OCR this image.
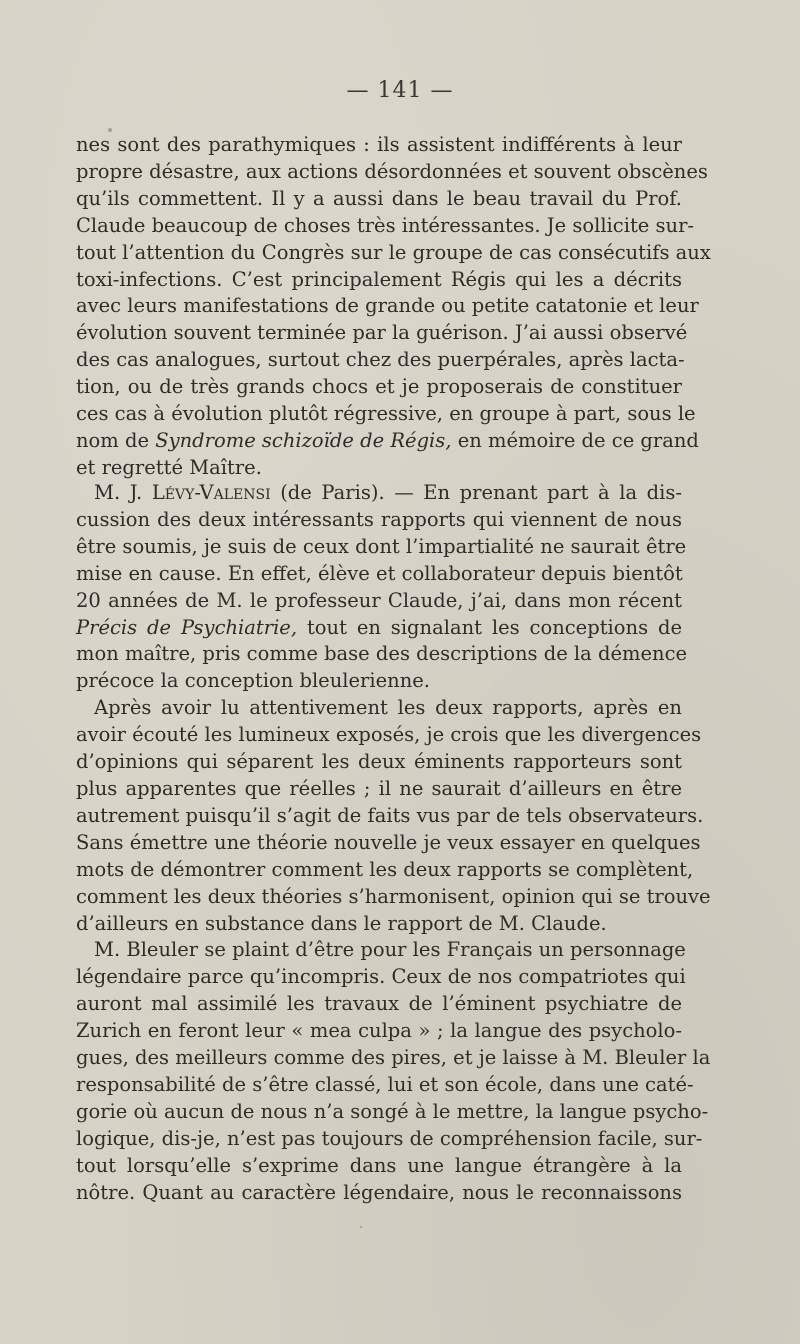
— 141 —
nes sont des parathymiques : ils assistent indifférents à leur
propre désastre, aux actions désordonnées et souvent obscènes
qu’ils commettent. Il y a aussi dans le beau travail du Prof.
Claude beaucoup de choses très intéressantes. Je sollicite sur-
tout l’attention du Congrès sur le groupe de cas consécutifs aux
toxi-infections. C’est principalement Régis qui les a décrits
avec leurs manifestations de grande ou petite catatonie et leur
évolution souvent terminée par la guérison. J’ai aussi observé
des cas analogues, surtout chez des puerpérales, après lacta-
tion, ou de très grands chocs et je proposerais de constituer
ces cas à évolution plutôt régressive, en groupe à part, sous le
nom de Syndrome schizoïde de Régis, en mémoire de ce grand
et regretté Maître.
M. J. Lévy-Valensi (de Paris). — En prenant part à la dis-
cussion des deux intéressants rapports qui viennent de nous
être soumis, je suis de ceux dont l’impartialité ne saurait être
mise en cause. En effet, élève et collaborateur depuis bientôt
20 années de M. le professeur Claude, j’ai, dans mon récent
Précis de Psychiatrie, tout en signalant les conceptions de
mon maître, pris comme base des descriptions de la démence
précoce la conception bleulerienne.
Après avoir lu attentivement les deux rapports, après en
avoir écouté les lumineux exposés, je crois que les divergences
d’opinions qui séparent les deux éminents rapporteurs sont
plus apparentes que réelles ; il ne saurait d’ailleurs en être
autrement puisqu’il s’agit de faits vus par de tels observateurs.
Sans émettre une théorie nouvelle je veux essayer en quelques
mots de démontrer comment les deux rapports se complètent,
comment les deux théories s’harmonisent, opinion qui se trouve
d’ailleurs en substance dans le rapport de M. Claude.
M. Bleuler se plaint d’être pour les Français un personnage
légendaire parce qu’incompris. Ceux de nos compatriotes qui
auront mal assimilé les travaux de l’éminent psychiatre de
Zurich en feront leur « mea culpa » ; la langue des psycholo-
gues, des meilleurs comme des pires, et je laisse à M. Bleuler la
responsabilité de s’être classé, lui et son école, dans une caté-
gorie où aucun de nous n’a songé à le mettre, la langue psycho-
logique, dis-je, n’est pas toujours de compréhension facile, sur-
tout lorsqu’elle s’exprime dans une langue étrangère à la
nôtre. Quant au caractère légendaire, nous le reconnaissons
